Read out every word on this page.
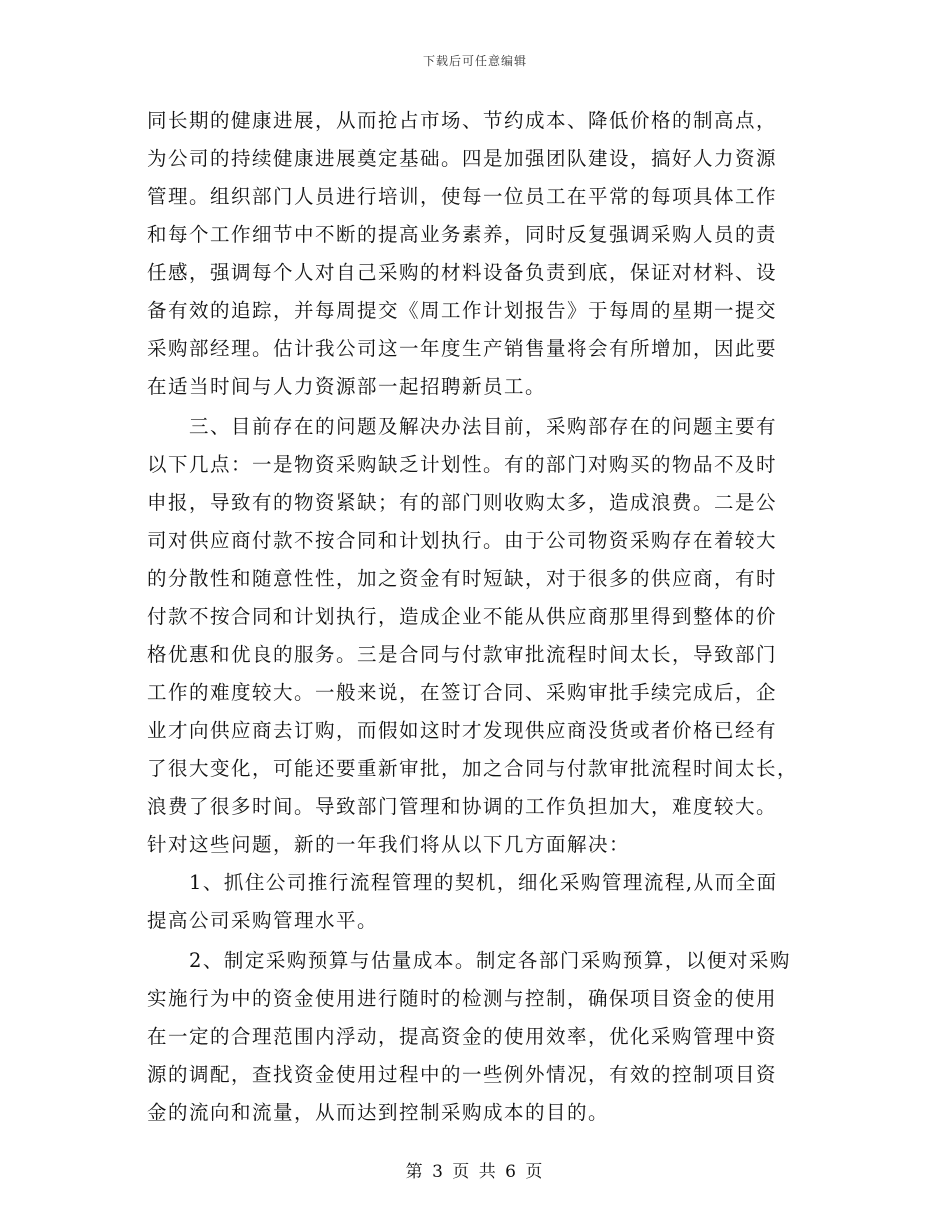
下载后可任意编辑
同长期的健康进展，从而抢占市场、节约成本、降低价格的制高点，
为公司的持续健康进展奠定基础。四是加强团队建设，搞好人力资源
管理。组织部门人员进行培训，使每一位员工在平常的每项具体工作
和每个工作细节中不断的提高业务素养，同时反复强调采购人员的责
任感，强调每个人对自己采购的材料设备负责到底，保证对材料、设
备有效的追踪，并每周提交《周工作计划报告》于每周的星期一提交
采购部经理。估计我公司这一年度生产销售量将会有所增加，因此要
在适当时间与人力资源部一起招聘新员工。
　　三、目前存在的问题及解决办法目前，采购部存在的问题主要有
以下几点：一是物资采购缺乏计划性。有的部门对购买的物品不及时
申报，导致有的物资紧缺；有的部门则收购太多，造成浪费。二是公
司对供应商付款不按合同和计划执行。由于公司物资采购存在着较大
的分散性和随意性性，加之资金有时短缺，对于很多的供应商，有时
付款不按合同和计划执行，造成企业不能从供应商那里得到整体的价
格优惠和优良的服务。三是合同与付款审批流程时间太长，导致部门
工作的难度较大。一般来说，在签订合同、采购审批手续完成后，企
业才向供应商去订购，而假如这时才发现供应商没货或者价格已经有
了很大变化，可能还要重新审批，加之合同与付款审批流程时间太长，
浪费了很多时间。导致部门管理和协调的工作负担加大，难度较大。
针对这些问题，新的一年我们将从以下几方面解决：
　　1、抓住公司推行流程管理的契机，细化采购管理流程,从而全面
提高公司采购管理水平。
　　2、制定采购预算与估量成本。制定各部门采购预算，以便对采购
实施行为中的资金使用进行随时的检测与控制，确保项目资金的使用
在一定的合理范围内浮动，提高资金的使用效率，优化采购管理中资
源的调配，查找资金使用过程中的一些例外情况，有效的控制项目资
金的流向和流量，从而达到控制采购成本的目的。
第 3 页 共 6 页
